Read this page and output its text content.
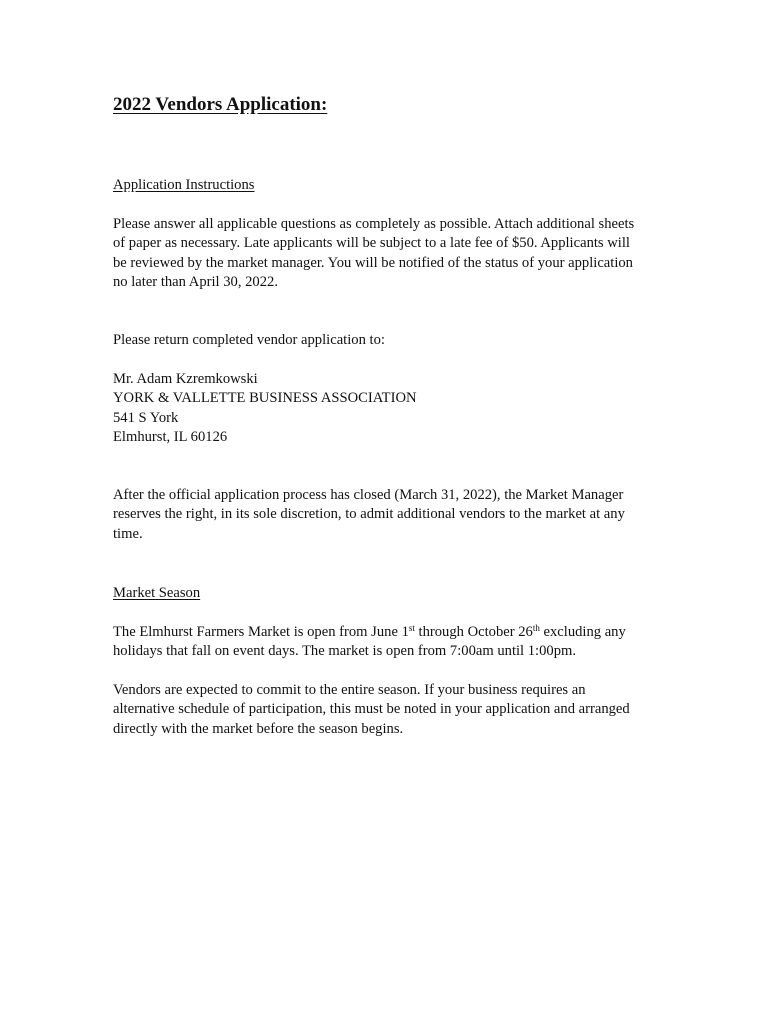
2022 Vendors Application:

Application Instructions

Please answer all applicable questions as completely as possible. Attach additional sheets
of paper as necessary. Late applicants will be subject to a late fee of $50. Applicants will
be reviewed by the market manager. You will be notified of the status of your application
no later than April 30, 2022.

Please return completed vendor application to:

Mr. Adam Kzremkowski
YORK & VALLETTE BUSINESS ASSOCIATION
541 S York
Elmhurst, IL 60126

After the official application process has closed (March 31, 2022), the Market Manager
reserves the right, in its sole discretion, to admit additional vendors to the market at any
time.

Market Season

The Elmhurst Farmers Market is open from June 1st through October 26th excluding any
holidays that fall on event days. The market is open from 7:00am until 1:00pm.

Vendors are expected to commit to the entire season. If your business requires an
alternative schedule of participation, this must be noted in your application and arranged
directly with the market before the season begins.
